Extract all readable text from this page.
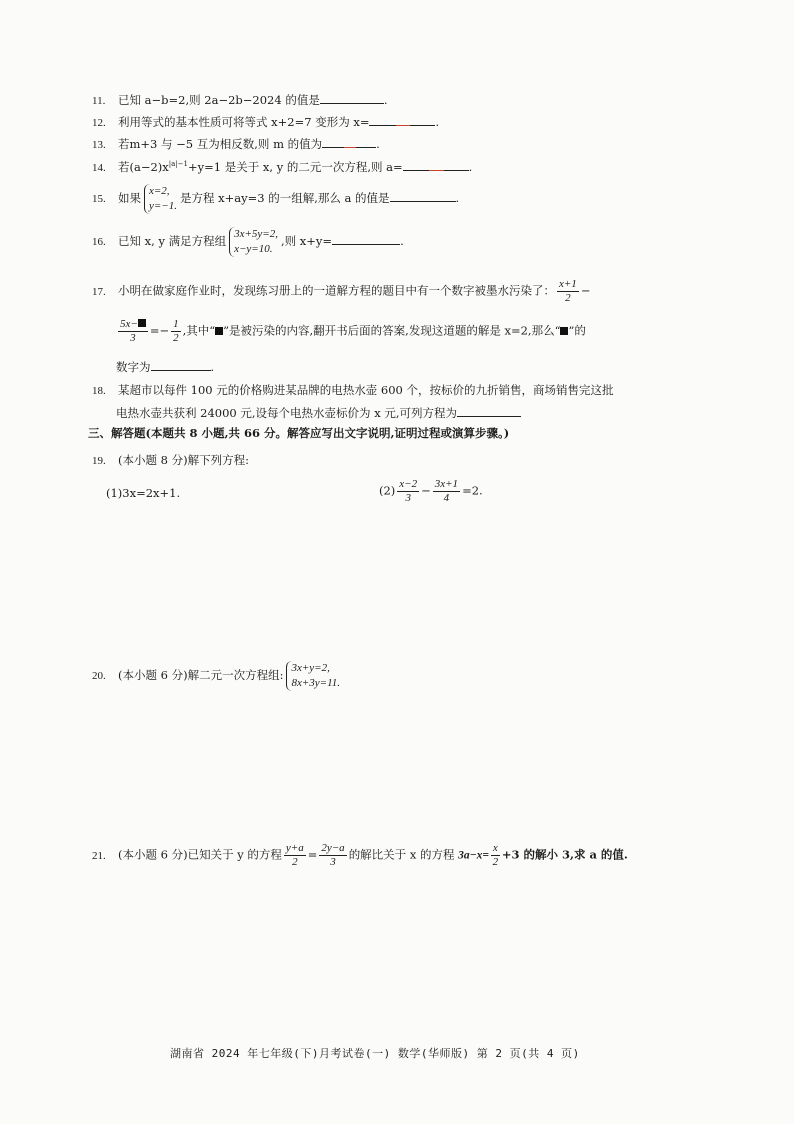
11. 已知 a−b=2,则 2a−2b−2024 的值是	.
12. 利用等式的基本性质可将等式 x+2=7 变形为 x=	.
13. 若m+3 与 −5 互为相反数,则 m 的值为	.
14. 若$(a-2)x^{|a|-1}+y=1$ 是关于 x, y 的二元一次方程,则 a=	.
15. 如果 x=2,
y=−1.
是方程 x+ay=3 的一组解,那么 a 的值是	.
16. 已知 x, y 满足方程组 3x+5y=2,
x−y=10.
,则 x+y=	.
17. 小明在做家庭作业时，发现练习册上的一道解方程的题目中有一个数字被墨水污染了： $\frac{x+1}{2}$ −
$\frac{5x-}{3} =- \frac{1}{2}$ ,其中“ ”是被污染的内容,翻开书后面的答案,发现这道题的解是 x=2,那么“ ”的
数字为	.
18. 某超市以每件 100 元的价格购进某品牌的电热水壶 600 个，按标价的九折销售，商场销售完这批
电热水壶共获利 24000 元,设每个电热水壶标价为 x 元,可列方程为
三、解答题(本题共 8 小题,共 66 分。解答应写出文字说明,证明过程或演算步骤。)
19. (本小题 8 分)解下列方程:
(1)3x=2x+1.	$(2) \frac{x-2}{3} - \frac{3x+1}{4} =2$.
20. (本小题 6 分)解二元一次方程组: 3x+y=2,
8x+3y=11.
21. (本小题 6 分)已知关于 y 的方程 $\frac{y+a}{2} = \frac{2y-a}{3}$ 的解比关于 x 的方程 $3a-x= \frac{x}{2} +3$ 的解小 3,求 a 的值.
湖南省 2024 年七年级(下)月考试卷(一) 数学(华师版) 第 2 页(共 4 页)
